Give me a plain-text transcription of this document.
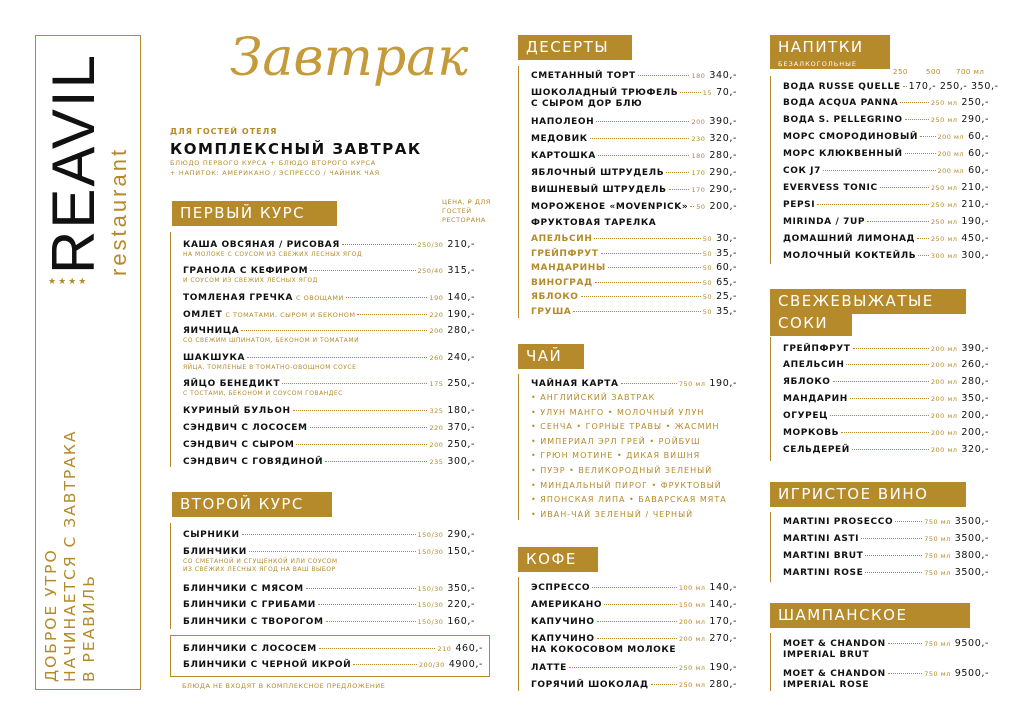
REAVIL restaurant
★★★★
ДОБРОЕ УТРО НАЧИНАЕТСЯ С ЗАВТРАКА В РЕАВИЛЬ
Завтрак
ДЛЯ ГОСТЕЙ ОТЕЛЯ
КОМПЛЕКСНЫЙ ЗАВТРАК
БЛЮДО ПЕРВОГО КУРСА + БЛЮДО ВТОРОГО КУРСА
+ НАПИТОК: АМЕРИКАНО / ЭСПРЕССО / ЧАЙНИК ЧАЯ
ЦЕНА, ₽ ДЛЯ ГОСТЕЙ РЕСТОРАНА
ПЕРВЫЙ КУРС
ВТОРОЙ КУРС
ДЕСЕРТЫ
ЧАЙ
КОФЕ
НАПИТКИ
БЕЗАЛКОГОЛЬНЫЕ
СВЕЖЕВЫЖАТЫЕ
СОКИ
ИГРИСТОЕ ВИНО
ШАМПАНСКОЕ
БЛЮДА НЕ ВХОДЯТ В КОМПЛЕКСНОЕ ПРЕДЛОЖЕНИЕ
250	500 700 мл
ФРУКТОВАЯ ТАРЕЛКА
КАША ОВСЯНАЯ / РИСОВАЯ	250/30 210,-
НА МОЛОКЕ С СОУСОМ ИЗ СВЕЖИХ ЛЕСНЫХ ЯГОД
ГРАНОЛА С КЕФИРОМ	250/40 315,-
И СОУСОМ ИЗ СВЕЖИХ ЛЕСНЫХ ЯГОД
ТОМЛЕНАЯ ГРЕЧКА С ОВОЩАМИ	190 140,-
ОМЛЕТ С ТОМАТАМИ, СЫРОМ И БЕКОНОМ	220 190,-
ЯИЧНИЦА	200 280,-
СО СВЕЖИМ ШПИНАТОМ, БЕКОНОМ И ТОМАТАМИ
ШАКШУКА	260 240,-
ЯЙЦА, ТОМЛЕНЫЕ В ТОМАТНО-ОВОЩНОМ СОУСЕ
ЯЙЦО БЕНЕДИКТ	175 250,-
С ТОСТАМИ, БЕКОНОМ И СОУСОМ ГОВАНДЕС
КУРИНЫЙ БУЛЬОН	325 180,-
СЭНДВИЧ С ЛОСОСЕМ	220 370,-
СЭНДВИЧ С СЫРОМ	200 250,-
СЭНДВИЧ С ГОВЯДИНОЙ	235 300,-
СЫРНИКИ	150/30 290,-
БЛИНЧИКИ	150/30 150,-
СО СМЕТАНОЙ И СГУЩЕНКОЙ ИЛИ СОУСОМ
ИЗ СВЕЖИХ ЛЕСНЫХ ЯГОД НА ВАШ ВЫБОР
БЛИНЧИКИ С МЯСОМ	150/30 350,-
БЛИНЧИКИ С ГРИБАМИ	150/30 220,-
БЛИНЧИКИ С ТВОРОГОМ	150/30 160,-
БЛИНЧИКИ С ЛОСОСЕМ	210 460,-
БЛИНЧИКИ С ЧЕРНОЙ ИКРОЙ	200/30 4900,-
СМЕТАННЫЙ ТОРТ	180 340,-
ШОКОЛАДНЫЙ ТРЮФЕЛЬ	15 70,-
С СЫРОМ ДОР БЛЮ
НАПОЛЕОН	200 390,-
МЕДОВИК	230 320,-
КАРТОШКА	180 280,-
ЯБЛОЧНЫЙ ШТРУДЕЛЬ	170 290,-
ВИШНЕВЫЙ ШТРУДЕЛЬ	170 290,-
МОРОЖЕНОЕ «MOVENPICK» 50 200,-
АПЕЛЬСИН	50 30,-
ГРЕЙПФРУТ	50 35,-
МАНДАРИНЫ	50 60,-
ВИНОГРАД	50 65,-
ЯБЛОКО	50 25,-
ГРУША	50 35,-
ЧАЙНАЯ КАРТА	750 мл 190,-
• АНГЛИЙСКИЙ ЗАВТРАК
• УЛУН МАНГО • МОЛОЧНЫЙ УЛУН
• СЕНЧА • ГОРНЫЕ ТРАВЫ • ЖАСМИН
• ИМПЕРИАЛ ЭРЛ ГРЕЙ • РОЙБУШ
• ГРЮН МОТИНЕ • ДИКАЯ ВИШНЯ
• ПУЭР • ВЕЛИКОРОДНЫЙ ЗЕЛЕНЫЙ
• МИНДАЛЬНЫЙ ПИРОГ • ФРУКТОВЫЙ
• ЯПОНСКАЯ ЛИПА • БАВАРСКАЯ МЯТА
• ИВАН-ЧАЙ ЗЕЛЕНЫЙ / ЧЕРНЫЙ
ЭСПРЕССО	100 мл 140,-
АМЕРИКАНО	150 мл 140,-
КАПУЧИНО	200 мл 170,-
КАПУЧИНО	200 мл 270,-
НА КОКОСОВОМ МОЛОКЕ
ЛАТТЕ	250 мл 190,-
ГОРЯЧИЙ ШОКОЛАД	250 мл 280,-
ВОДА RUSSE QUELLE 170,- 250,- 350,-
ВОДА ACQUA PANNA	250 мл 250,-
ВОДА S. PELLEGRINO	250 мл 290,-
МОРС СМОРОДИНОВЫЙ	200 мл 60,-
МОРС КЛЮКВЕННЫЙ	200 мл 60,-
СОК J7	200 мл 60,-
EVERVESS TONIC	250 мл 210,-
PEPSI	250 мл 210,-
MIRINDA / 7UP	250 мл 190,-
ДОМАШНИЙ ЛИМОНАД 250 мл 450,-
МОЛОЧНЫЙ КОКТЕЙЛЬ 300 мл 300,-
ГРЕЙПФРУТ	200 мл 390,-
АПЕЛЬСИН	200 мл 260,-
ЯБЛОКО	200 мл 280,-
МАНДАРИН	200 мл 350,-
ОГУРЕЦ	200 мл 200,-
МОРКОВЬ	200 мл 200,-
СЕЛЬДЕРЕЙ	200 мл 320,-
MARTINI PROSECCO	750 мл 3500,-
MARTINI ASTI	750 мл 3500,-
MARTINI BRUT	750 мл 3800,-
MARTINI ROSE	750 мл 3500,-
MOET & CHANDON	750 мл 9500,-
IMPERIAL BRUT
MOET & CHANDON	750 мл 9500,-
IMPERIAL ROSE
